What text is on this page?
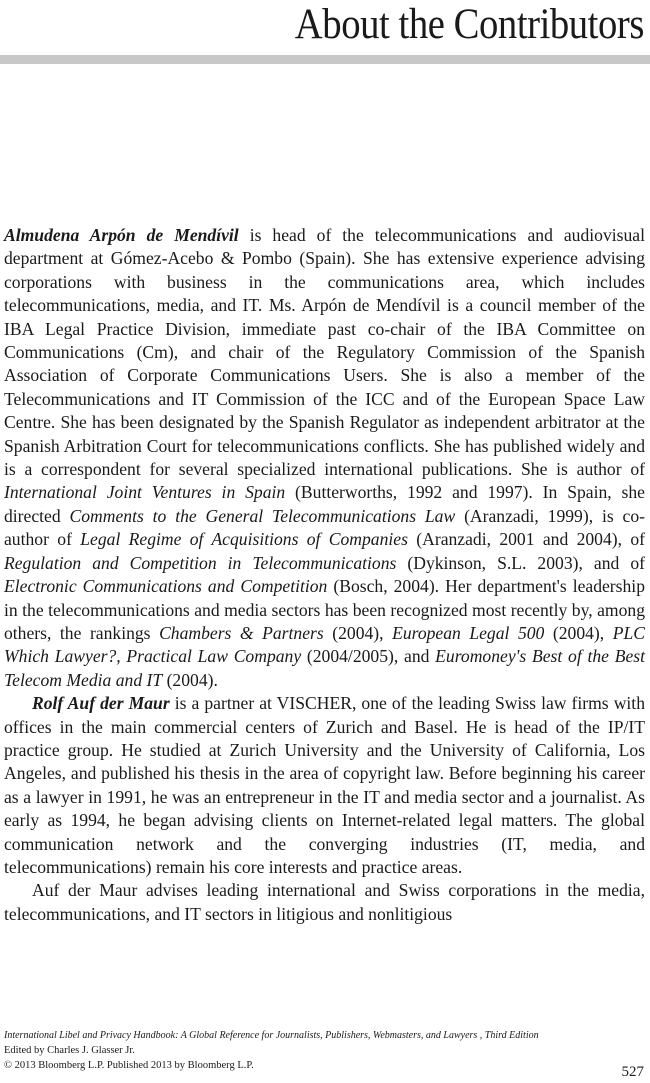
About the Contributors

Almudena Arpón de Mendívil is head of the telecommunications and audiovisual department at Gómez-Acebo & Pombo (Spain). She has extensive experience advising corporations with business in the communications area, which includes telecommunications, media, and IT. Ms. Arpón de Mendívil is a council member of the IBA Legal Practice Division, immediate past co-chair of the IBA Committee on Communications (Cm), and chair of the Regulatory Commission of the Spanish Association of Corporate Communications Users. She is also a member of the Telecommunications and IT Commission of the ICC and of the European Space Law Centre. She has been designated by the Spanish Regulator as independent arbitrator at the Spanish Arbitration Court for telecommunications conflicts. She has published widely and is a correspondent for several specialized international publications. She is author of International Joint Ventures in Spain (Butterworths, 1992 and 1997). In Spain, she directed Comments to the General Telecommunications Law (Aranzadi, 1999), is co-author of Legal Regime of Acquisitions of Companies (Aranzadi, 2001 and 2004), of Regulation and Competition in Telecommunications (Dykinson, S.L. 2003), and of Electronic Communications and Competition (Bosch, 2004). Her department's leadership in the telecommunications and media sectors has been recognized most recently by, among others, the rankings Chambers & Partners (2004), European Legal 500 (2004), PLC Which Lawyer?, Practical Law Company (2004/2005), and Euromoney's Best of the Best Telecom Media and IT (2004).

Rolf Auf der Maur is a partner at VISCHER, one of the leading Swiss law firms with offices in the main commercial centers of Zurich and Basel. He is head of the IP/IT practice group. He studied at Zurich University and the University of California, Los Angeles, and published his thesis in the area of copyright law. Before beginning his career as a lawyer in 1991, he was an entrepreneur in the IT and media sector and a journalist. As early as 1994, he began advising clients on Internet-related legal matters. The global communication network and the converging industries (IT, media, and telecommunications) remain his core interests and practice areas.

Auf der Maur advises leading international and Swiss corporations in the media, telecommunications, and IT sectors in litigious and nonlitigious

International Libel and Privacy Handbook: A Global Reference for Journalists, Publishers, Webmasters, and Lawyers , Third Edition
Edited by Charles J. Glasser Jr.
© 2013 Bloomberg L.P. Published 2013 by Bloomberg L.P.	527
